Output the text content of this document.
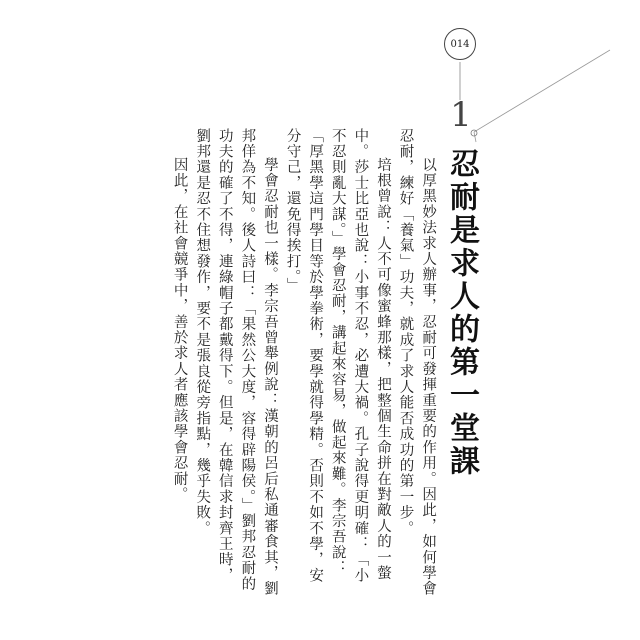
014
1
忍耐是求人的第一堂課

以厚黑妙法求人辦事，忍耐可發揮重要的作用。因此，如何學會忍耐，練好「養氣」功夫，就成了求人能否成功的第一步。

培根曾說：人不可像蜜蜂那樣，把整個生命拼在對敵人的一螫中。莎士比亞也說：小事不忍，必遭大禍。孔子說得更明確：「小不忍則亂大謀。」學會忍耐，講起來容易，做起來難。李宗吾說：「厚黑學這門學目等於學拳術，要學就得學精。否則不如不學，安分守己，還免得挨打。」

學會忍耐也一樣。李宗吾曾舉例說：漢朝的呂后私通審食其，劉邦佯為不知。後人詩曰：「果然公大度，容得辟陽侯。」劉邦忍耐的功夫的確了不得，連綠帽子都戴得下。但是，在韓信求封齊王時，劉邦還是忍不住想發作，要不是張良從旁指點，幾乎失敗。

因此，在社會競爭中，善於求人者應該學會忍耐。
